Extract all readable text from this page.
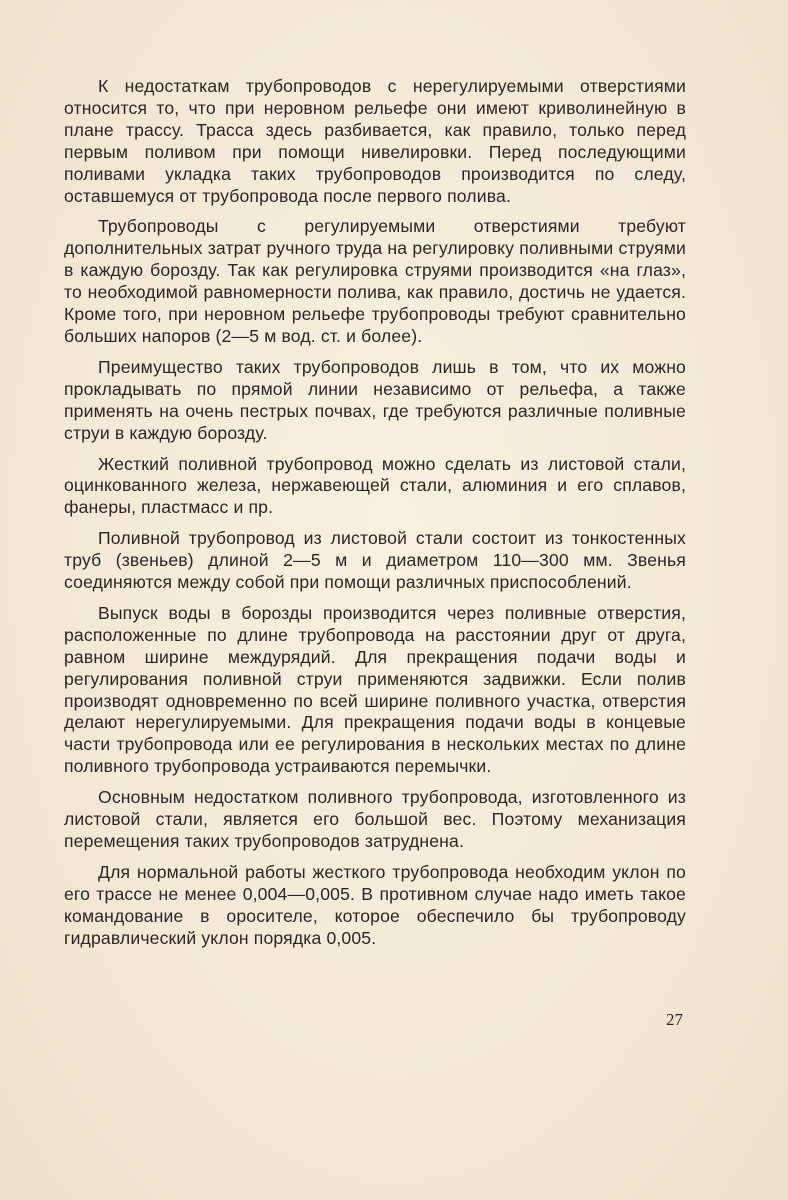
К недостаткам трубопроводов с нерегулируемыми отверстиями относится то, что при неровном рельефе они имеют криволинейную в плане трассу. Трасса здесь разбивается, как правило, только перед первым поливом при помощи нивелировки. Перед последующими поливами укладка таких трубопроводов производится по следу, оставшемуся от трубопровода после первого полива.

Трубопроводы с регулируемыми отверстиями требуют дополнительных затрат ручного труда на регулировку поливными струями в каждую борозду. Так как регулировка струями производится «на глаз», то необходимой равномерности полива, как правило, достичь не удается. Кроме того, при неровном рельефе трубопроводы требуют сравнительно больших напоров (2—5 м вод. ст. и более).

Преимущество таких трубопроводов лишь в том, что их можно прокладывать по прямой линии независимо от рельефа, а также применять на очень пестрых почвах, где требуются различные поливные струи в каждую борозду.

Жесткий поливной трубопровод можно сделать из листовой стали, оцинкованного железа, нержавеющей стали, алюминия и его сплавов, фанеры, пластмасс и пр.

Поливной трубопровод из листовой стали состоит из тонкостенных труб (звеньев) длиной 2—5 м и диаметром 110—300 мм. Звенья соединяются между собой при помощи различных приспособлений.

Выпуск воды в борозды производится через поливные отверстия, расположенные по длине трубопровода на расстоянии друг от друга, равном ширине междурядий. Для прекращения подачи воды и регулирования поливной струи применяются задвижки. Если полив производят одновременно по всей ширине поливного участка, отверстия делают нерегулируемыми. Для прекращения подачи воды в концевые части трубопровода или ее регулирования в нескольких местах по длине поливного трубопровода устраиваются перемычки.

Основным недостатком поливного трубопровода, изготовленного из листовой стали, является его большой вес. Поэтому механизация перемещения таких трубопроводов затруднена.

Для нормальной работы жесткого трубопровода необходим уклон по его трассе не менее 0,004—0,005. В противном случае надо иметь такое командование в оросителе, которое обеспечило бы трубопроводу гидравлический уклон порядка 0,005.

27
